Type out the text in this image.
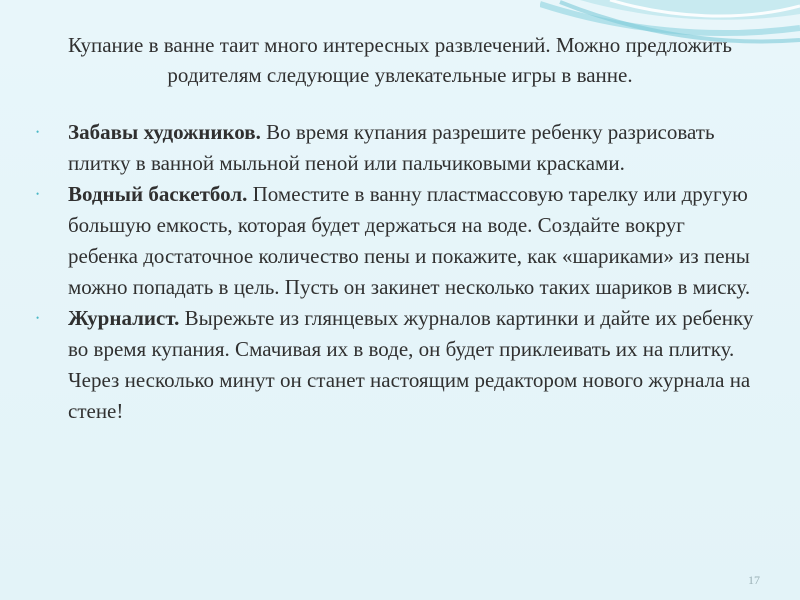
Купание в ванне таит много интересных развлечений. Можно предложить родителям следующие увлекательные игры в ванне.

• Забавы художников. Во время купания разрешите ребенку разрисовать плитку в ванной мыльной пеной или пальчиковыми красками.
• Водный баскетбол. Поместите в ванну пластмассовую тарелку или другую большую емкость, которая будет держаться на воде. Создайте вокруг ребенка достаточное количество пены и покажите, как «шариками» из пены можно попадать в цель. Пусть он закинет несколько таких шариков в миску.
• Журналист. Вырежьте из глянцевых журналов картинки и дайте их ребенку во время купания. Смачивая их в воде, он будет приклеивать их на плитку. Через несколько минут он станет настоящим редактором нового журнала на стене!
17
